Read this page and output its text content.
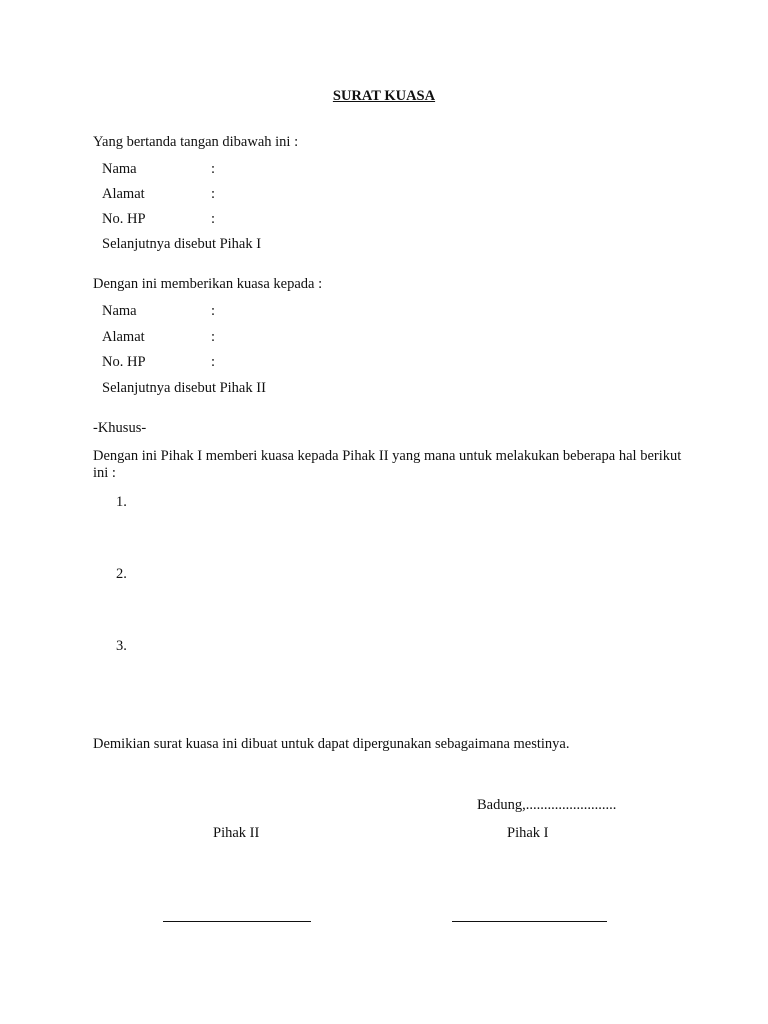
SURAT KUASA
Yang bertanda tangan dibawah ini :
Nama	:
Alamat	:
No. HP	:
Selanjutnya disebut Pihak I
Dengan ini memberikan kuasa kepada :
Nama	:
Alamat	:
No. HP	:
Selanjutnya disebut Pihak II
-Khusus-
Dengan ini Pihak I memberi kuasa kepada Pihak II yang mana untuk melakukan beberapa hal berikut ini :
1.
2.
3.
Demikian surat kuasa ini dibuat untuk dapat dipergunakan sebagaimana mestinya.
Badung,.........................
Pihak II	Pihak I
